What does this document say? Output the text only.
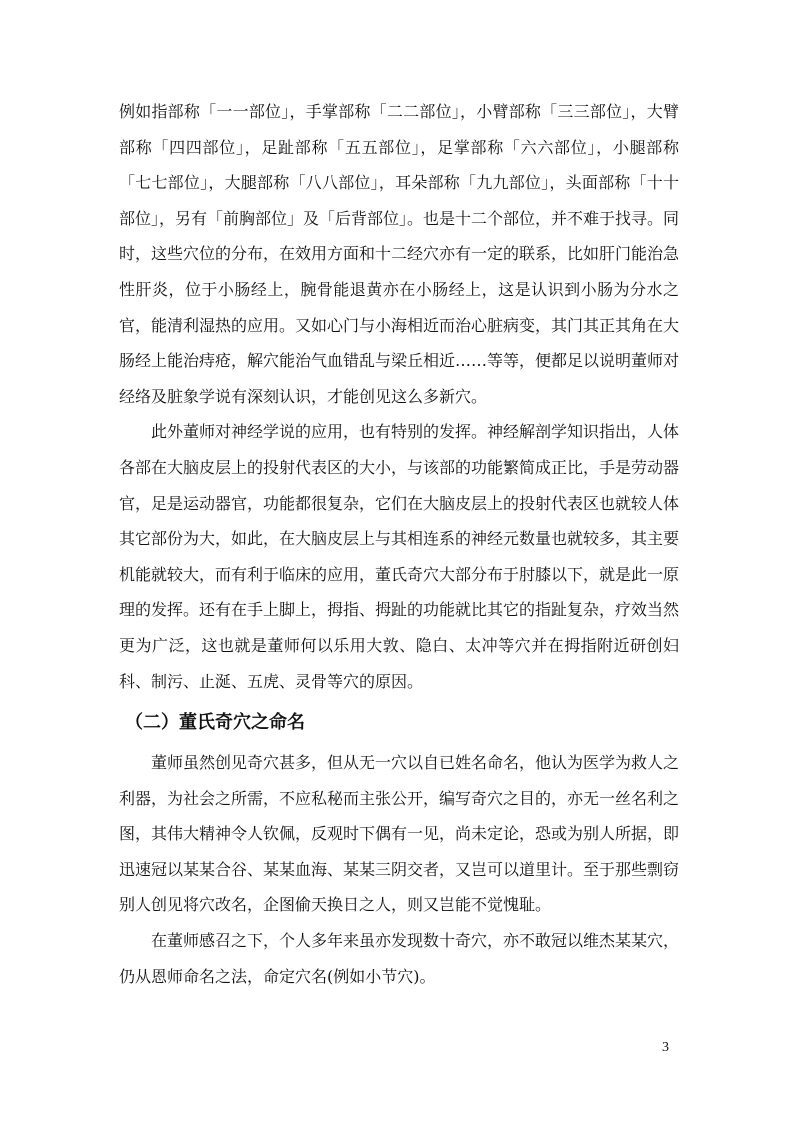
例如指部称「一一部位」，手掌部称「二二部位」，小臂部称「三三部位」，大臂部称「四四部位」，足趾部称「五五部位」，足掌部称「六六部位」，小腿部称「七七部位」，大腿部称「八八部位」，耳朵部称「九九部位」，头面部称「十十部位」，另有「前胸部位」及「后背部位」。也是十二个部位，并不难于找寻。同时，这些穴位的分布，在效用方面和十二经穴亦有一定的联系，比如肝门能治急性肝炎，位于小肠经上，腕骨能退黄亦在小肠经上，这是认识到小肠为分水之官，能清利湿热的应用。又如心门与小海相近而治心脏病变，其门其正其角在大肠经上能治痔疮，解穴能治气血错乱与梁丘相近……等等，便都足以说明董师对经络及脏象学说有深刻认识，才能创见这么多新穴。

此外董师对神经学说的应用，也有特别的发挥。神经解剖学知识指出，人体各部在大脑皮层上的投射代表区的大小，与该部的功能繁简成正比，手是劳动器官，足是运动器官，功能都很复杂，它们在大脑皮层上的投射代表区也就较人体其它部份为大，如此，在大脑皮层上与其相连系的神经元数量也就较多，其主要机能就较大，而有利于临床的应用，董氏奇穴大部分布于肘膝以下，就是此一原理的发挥。还有在手上脚上，拇指、拇趾的功能就比其它的指趾复杂，疗效当然更为广泛，这也就是董师何以乐用大敦、隐白、太冲等穴并在拇指附近研创妇科、制污、止涎、五虎、灵骨等穴的原因。

（二）董氏奇穴之命名

董师虽然创见奇穴甚多，但从无一穴以自已姓名命名，他认为医学为救人之利器，为社会之所需，不应私秘而主张公开，编写奇穴之目的，亦无一丝名利之图，其伟大精神令人钦佩，反观时下偶有一见，尚未定论，恐或为别人所据，即迅速冠以某某合谷、某某血海、某某三阴交者，又岂可以道里计。至于那些剽窃别人创见将穴改名，企图偷天换日之人，则又岂能不觉愧耻。

在董师感召之下，个人多年来虽亦发现数十奇穴，亦不敢冠以维杰某某穴，仍从恩师命名之法，命定穴名(例如小节穴)。

3
